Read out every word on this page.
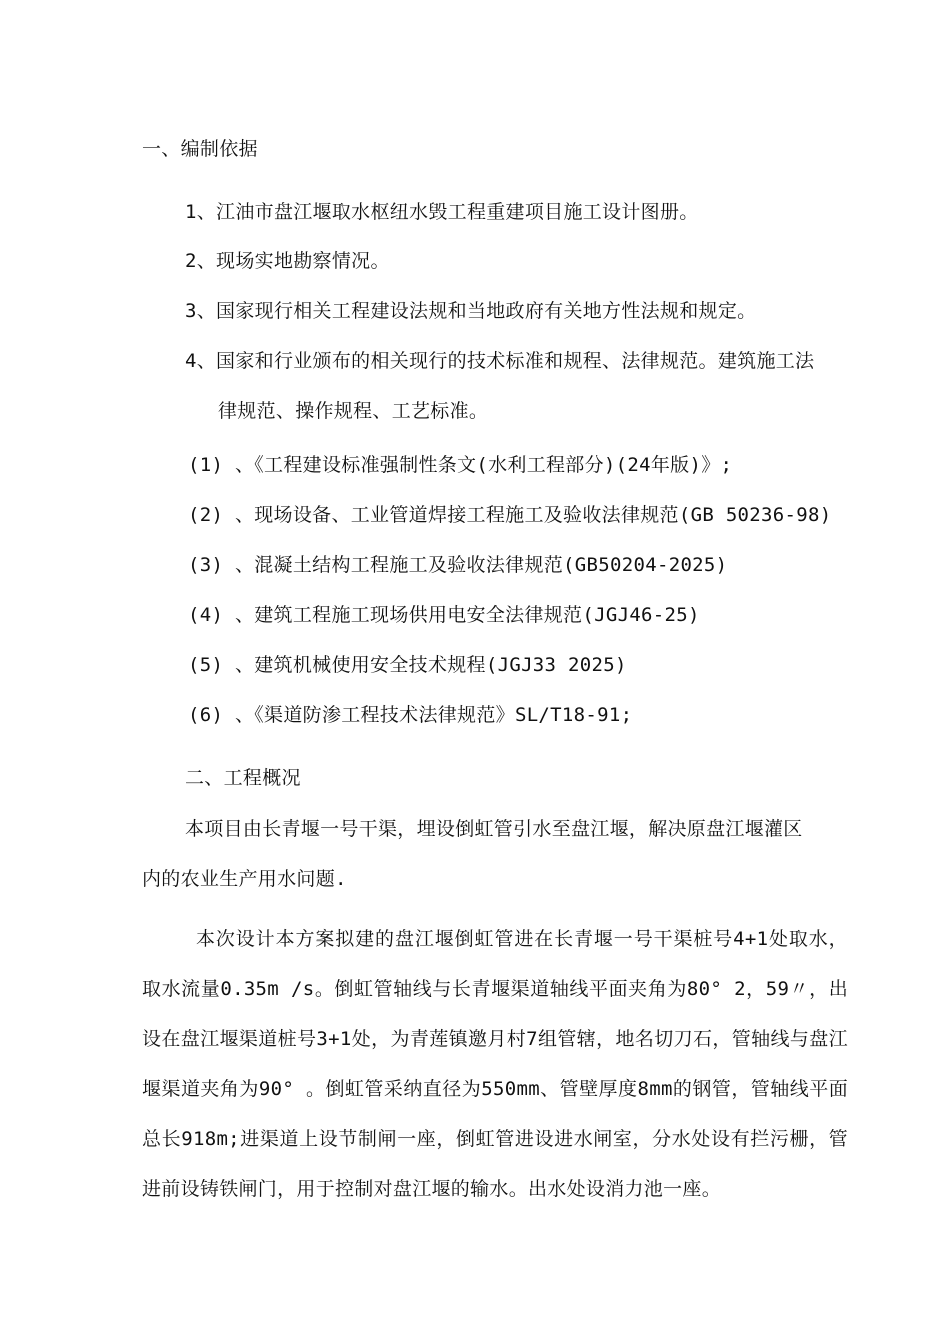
一、编制依据
1、江油市盘江堰取水枢纽水毁工程重建项目施工设计图册。
2、现场实地勘察情况。
3、国家现行相关工程建设法规和当地政府有关地方性法规和规定。
4、国家和行业颁布的相关现行的技术标准和规程、法律规范。建筑施工法
律规范、操作规程、工艺标准。
(1) 、《工程建设标准强制性条文(水利工程部分)(24年版)》;
(2) 、现场设备、工业管道焊接工程施工及验收法律规范(GB 50236-98)
(3) 、混凝土结构工程施工及验收法律规范(GB50204-2025)
(4) 、建筑工程施工现场供用电安全法律规范(JGJ46-25)
(5) 、建筑机械使用安全技术规程(JGJ33 2025)
(6) 、《渠道防渗工程技术法律规范》SL/T18-91;
二、工程概况
本项目由长青堰一号干渠，埋设倒虹管引水至盘江堰，解决原盘江堰灌区
内的农业生产用水问题.
本次设计本方案拟建的盘江堰倒虹管进在长青堰一号干渠桩号4+1处取水，取水流量0.35m /s。倒虹管轴线与长青堰渠道轴线平面夹角为80° 2，59〃，出设在盘江堰渠道桩号3+1处，为青莲镇邀月村7组管辖，地名切刀石，管轴线与盘江堰渠道夹角为90° 。倒虹管采纳直径为550mm、管壁厚度8mm的钢管，管轴线平面总长918m;进渠道上设节制闸一座，倒虹管进设进水闸室，分水处设有拦污栅，管进前设铸铁闸门，用于控制对盘江堰的输水。出水处设消力池一座。
